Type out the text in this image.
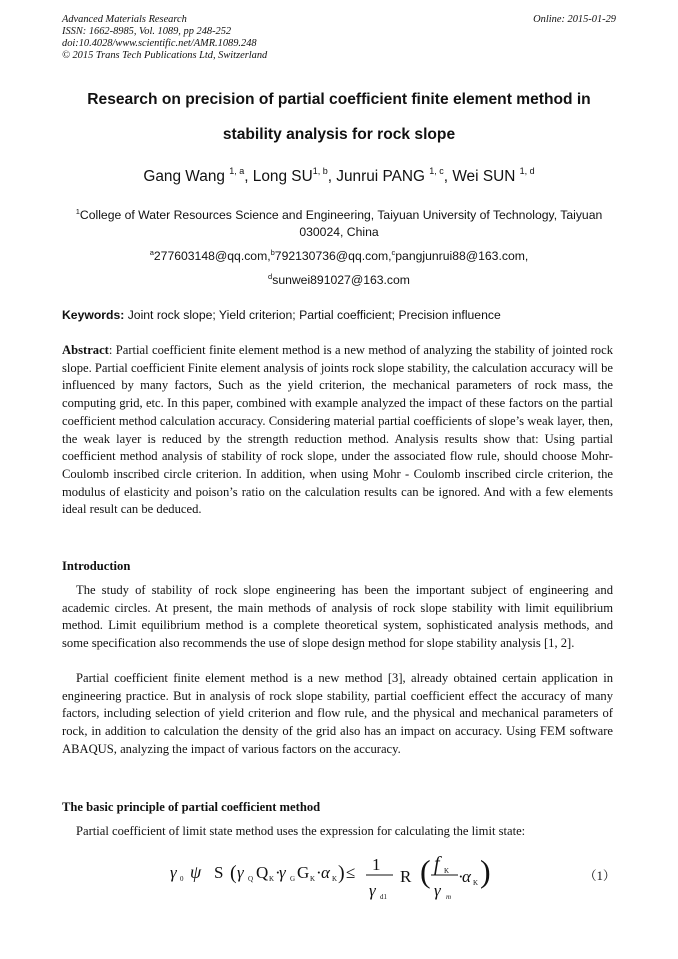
Advanced Materials Research
ISSN: 1662-8985, Vol. 1089, pp 248-252
doi:10.4028/www.scientific.net/AMR.1089.248
© 2015 Trans Tech Publications Ltd, Switzerland
Online: 2015-01-29
Research on precision of partial coefficient finite element method in
stability analysis for rock slope
Gang Wang $^{1, a}$, Long SU$^{1, b}$, Junrui PANG $^{1, c}$, Wei SUN $^{1, d}$
$^1$College of Water Resources Science and Engineering, Taiyuan University of Technology, Taiyuan 030024, China
$^a$277603148@qq.com,$^b$792130736@qq.com,$^c$pangjunrui88@163.com,
$^d$sunwei891027@163.com
Keywords: Joint rock slope; Yield criterion; Partial coefficient; Precision influence
Abstract: Partial coefficient finite element method is a new method of analyzing the stability of jointed rock slope. Partial coefficient Finite element analysis of joints rock slope stability, the calculation accuracy will be influenced by many factors, Such as the yield criterion, the mechanical parameters of rock mass, the computing grid, etc. In this paper, combined with example analyzed the impact of these factors on the partial coefficient method calculation accuracy. Considering material partial coefficients of slope’s weak layer, then, the weak layer is reduced by the strength reduction method. Analysis results show that: Using partial coefficient method analysis of stability of rock slope, under the associated flow rule, should choose Mohr- Coulomb inscribed circle criterion. In addition, when using Mohr - Coulomb inscribed circle criterion, the modulus of elasticity and poison’s ratio on the calculation results can be ignored. And with a few elements ideal result can be deduced.
Introduction

The study of stability of rock slope engineering has been the important subject of engineering and academic circles. At present, the main methods of analysis of rock slope stability with limit equilibrium method. Limit equilibrium method is a complete theoretical system, sophisticated analysis methods, and some specification also recommends the use of slope design method for slope stability analysis [1, 2].

Partial coefficient finite element method is a new method [3], already obtained certain application in engineering practice. But in analysis of rock slope stability, partial coefficient effect the accuracy of many factors, including selection of yield criterion and flow rule, and the physical and mechanical parameters of rock, in addition to calculation the density of the grid also has an impact on accuracy. Using FEM software ABAQUS, analyzing the impact of various factors on the accuracy.

The basic principle of partial coefficient method

Partial coefficient of limit state method uses the expression for calculating the limit state:

γ 0 ψ S ( γ Q Q K ·
γ G G K · α K ) ≤ 1
γ d1
R ( f K
γ m
·
α K )	（1）
